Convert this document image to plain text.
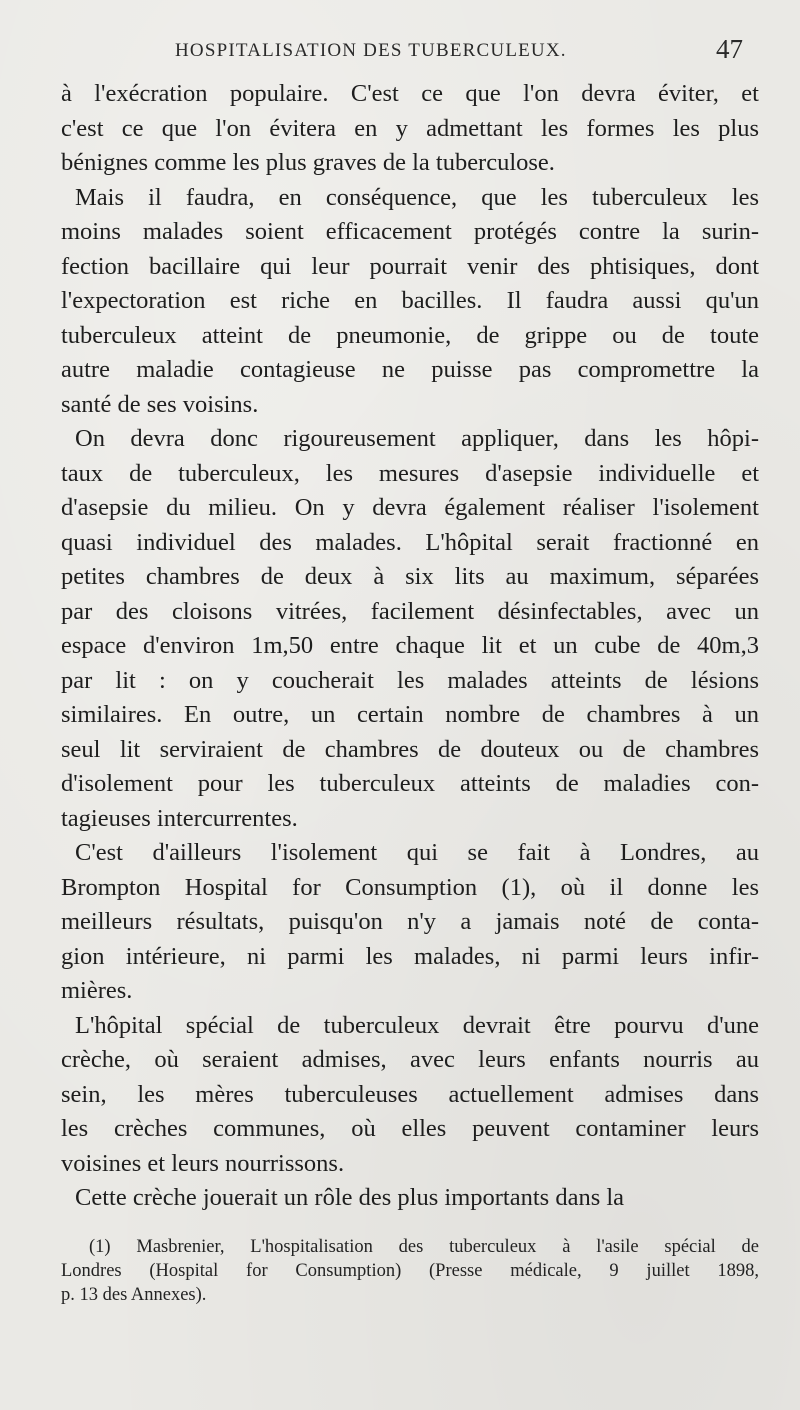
HOSPITALISATION DES TUBERCULEUX.	47
à l'exécration populaire. C'est ce que l'on devra éviter, et
c'est ce que l'on évitera en y admettant les formes les plus
bénignes comme les plus graves de la tuberculose.
Mais il faudra, en conséquence, que les tuberculeux les
moins malades soient efficacement protégés contre la surin-
fection bacillaire qui leur pourrait venir des phtisiques, dont
l'expectoration est riche en bacilles. Il faudra aussi qu'un
tuberculeux atteint de pneumonie, de grippe ou de toute
autre maladie contagieuse ne puisse pas compromettre la
santé de ses voisins.
On devra donc rigoureusement appliquer, dans les hôpi-
taux de tuberculeux, les mesures d'asepsie individuelle et
d'asepsie du milieu. On y devra également réaliser l'isolement
quasi individuel des malades. L'hôpital serait fractionné en
petites chambres de deux à six lits au maximum, séparées
par des cloisons vitrées, facilement désinfectables, avec un
espace d'environ 1m,50 entre chaque lit et un cube de 40m,3
par lit : on y coucherait les malades atteints de lésions
similaires. En outre, un certain nombre de chambres à un
seul lit serviraient de chambres de douteux ou de chambres
d'isolement pour les tuberculeux atteints de maladies con-
tagieuses intercurrentes.
C'est d'ailleurs l'isolement qui se fait à Londres, au
Brompton Hospital for Consumption (1), où il donne les
meilleurs résultats, puisqu'on n'y a jamais noté de conta-
gion intérieure, ni parmi les malades, ni parmi leurs infir-
mières.
L'hôpital spécial de tuberculeux devrait être pourvu d'une
crèche, où seraient admises, avec leurs enfants nourris au
sein, les mères tuberculeuses actuellement admises dans
les crèches communes, où elles peuvent contaminer leurs
voisines et leurs nourrissons.
Cette crèche jouerait un rôle des plus importants dans la
(1) Masbrenier, L'hospitalisation des tuberculeux à l'asile spécial de
Londres (Hospital for Consumption) (Presse médicale, 9 juillet 1898,
p. 13 des Annexes).
